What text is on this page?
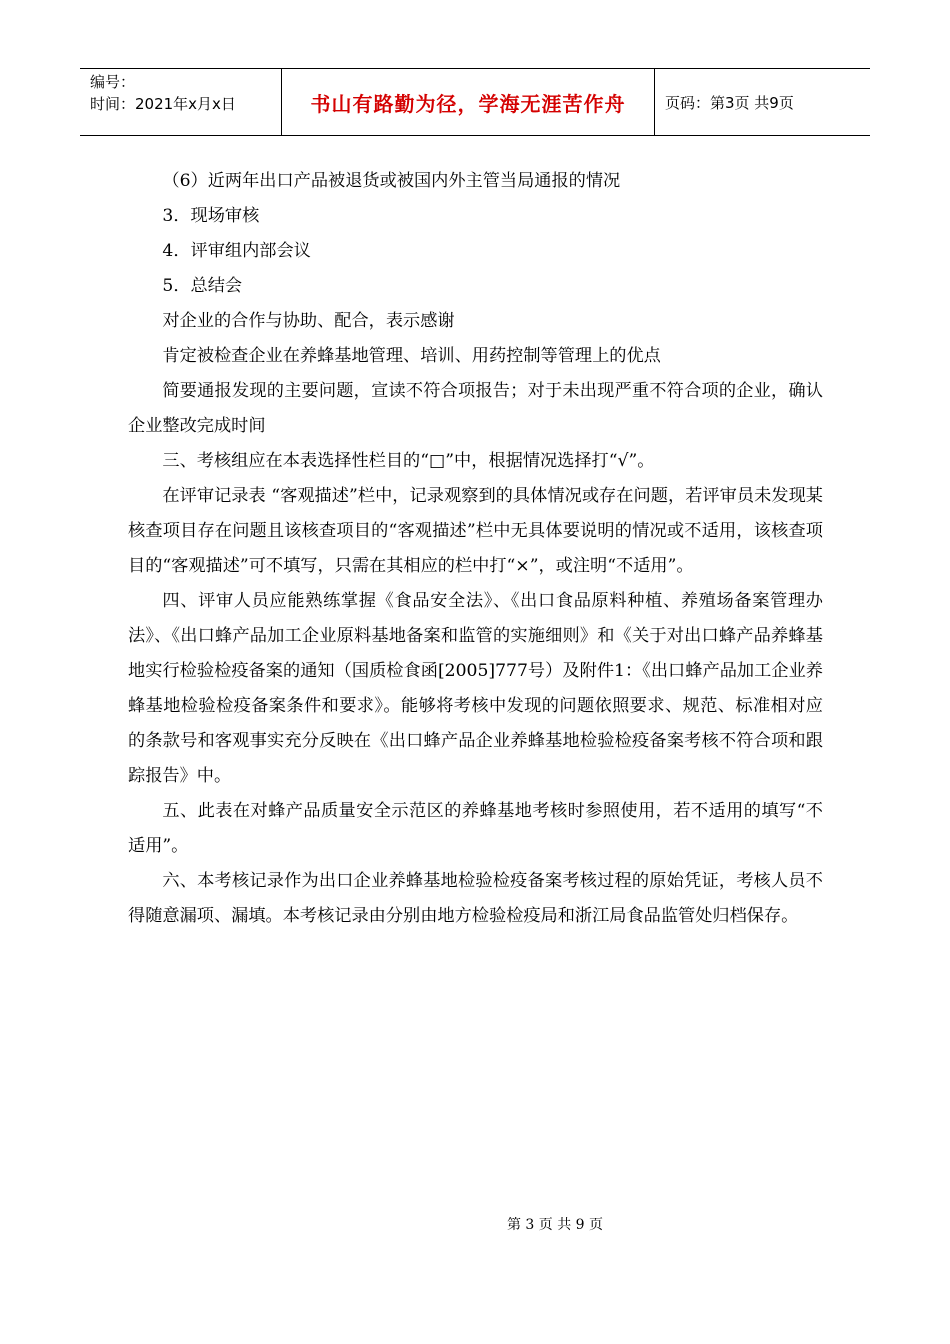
编号：
时间：2021年x月x日	书山有路勤为径，学海无涯苦作舟	页码：第3页 共9页

（6）近两年出口产品被退货或被国内外主管当局通报的情况

3．现场审核

4．评审组内部会议

5．总结会

对企业的合作与协助、配合，表示感谢

肯定被检查企业在养蜂基地管理、培训、用药控制等管理上的优点

简要通报发现的主要问题，宣读不符合项报告；对于未出现严重不符合项的企业，确认企业整改完成时间

三、考核组应在本表选择性栏目的“□”中，根据情况选择打“√”。

在评审记录表 “客观描述”栏中，记录观察到的具体情况或存在问题，若评审员未发现某核查项目存在问题且该核查项目的“客观描述”栏中无具体要说明的情况或不适用，该核查项目的“客观描述”可不填写，只需在其相应的栏中打“×”，或注明“不适用”。

四、评审人员应能熟练掌握《食品安全法》、《出口食品原料种植、养殖场备案管理办法》、《出口蜂产品加工企业原料基地备案和监管的实施细则》和《关于对出口蜂产品养蜂基地实行检验检疫备案的通知（国质检食函[2005]777号）及附件1：《出口蜂产品加工企业养蜂基地检验检疫备案条件和要求》。能够将考核中发现的问题依照要求、规范、标准相对应的条款号和客观事实充分反映在《出口蜂产品企业养蜂基地检验检疫备案考核不符合项和跟踪报告》中。

五、此表在对蜂产品质量安全示范区的养蜂基地考核时参照使用，若不适用的填写“不适用”。

六、本考核记录作为出口企业养蜂基地检验检疫备案考核过程的原始凭证，考核人员不得随意漏项、漏填。本考核记录由分别由地方检验检疫局和浙江局食品监管处归档保存。

第 3 页 共 9 页
